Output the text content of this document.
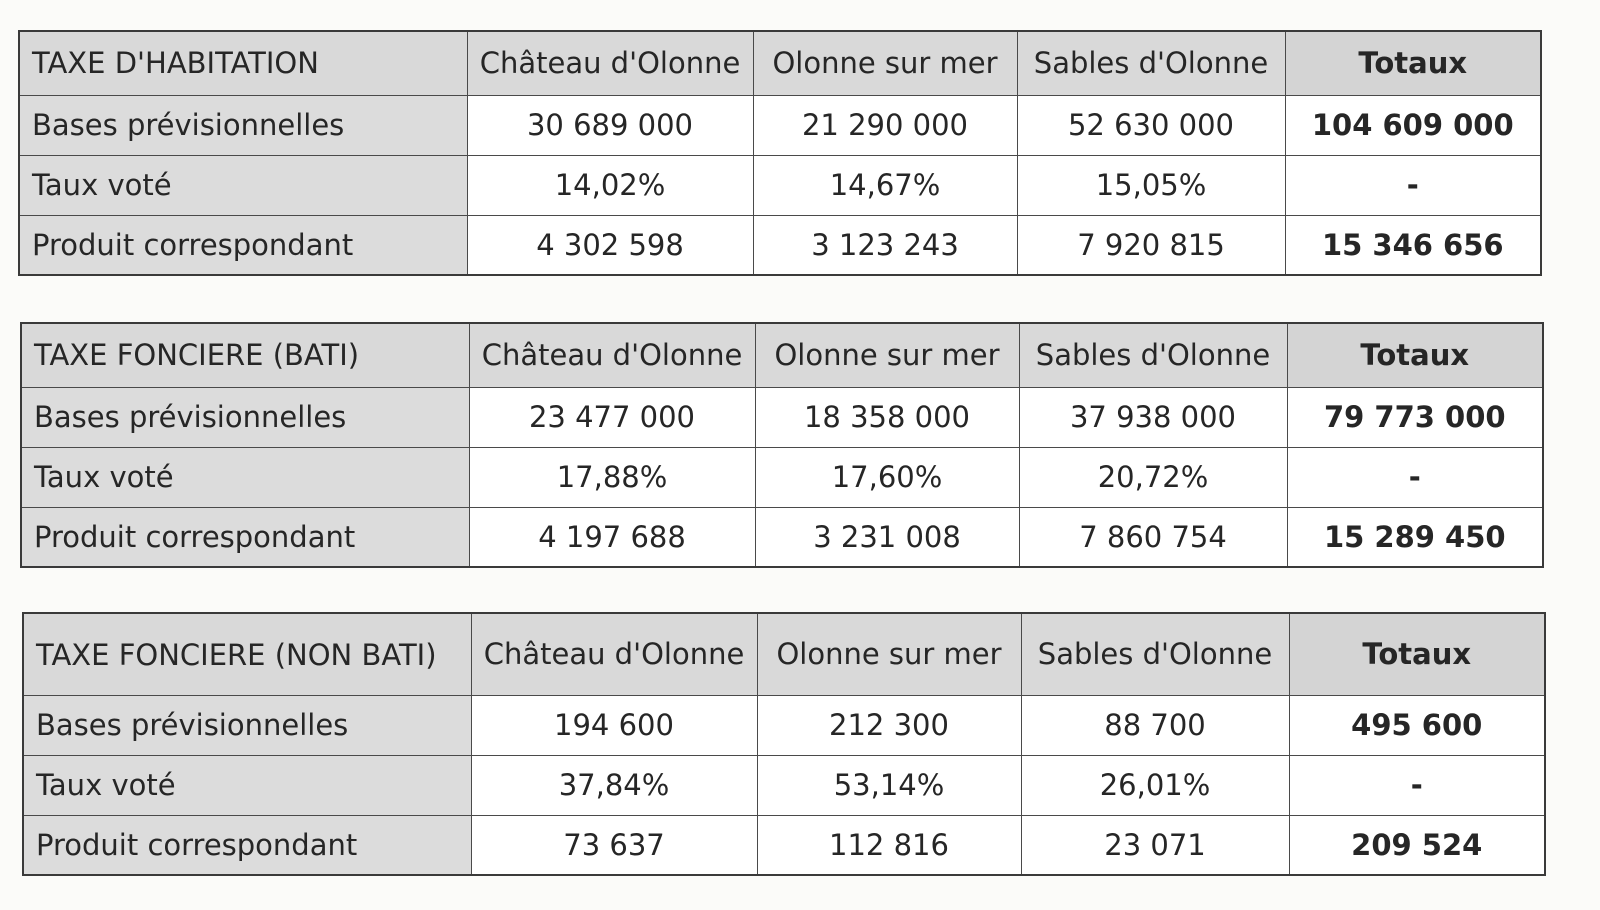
TAXE D'HABITATION	Château d'Olonne	Olonne sur mer	Sables d'Olonne	Totaux
Bases prévisionnelles	30 689 000	21 290 000	52 630 000	104 609 000
Taux voté	14,02%	14,67%	15,05%	-
Produit correspondant	4 302 598	3 123 243	7 920 815	15 346 656
TAXE FONCIERE (BATI)	Château d'Olonne	Olonne sur mer	Sables d'Olonne	Totaux
Bases prévisionnelles	23 477 000	18 358 000	37 938 000	79 773 000
Taux voté	17,88%	17,60%	20,72%	-
Produit correspondant	4 197 688	3 231 008	7 860 754	15 289 450
TAXE FONCIERE (NON BATI)	Château d'Olonne	Olonne sur mer	Sables d'Olonne	Totaux
Bases prévisionnelles	194 600	212 300	88 700	495 600
Taux voté	37,84%	53,14%	26,01%	-
Produit correspondant	73 637	112 816	23 071	209 524
